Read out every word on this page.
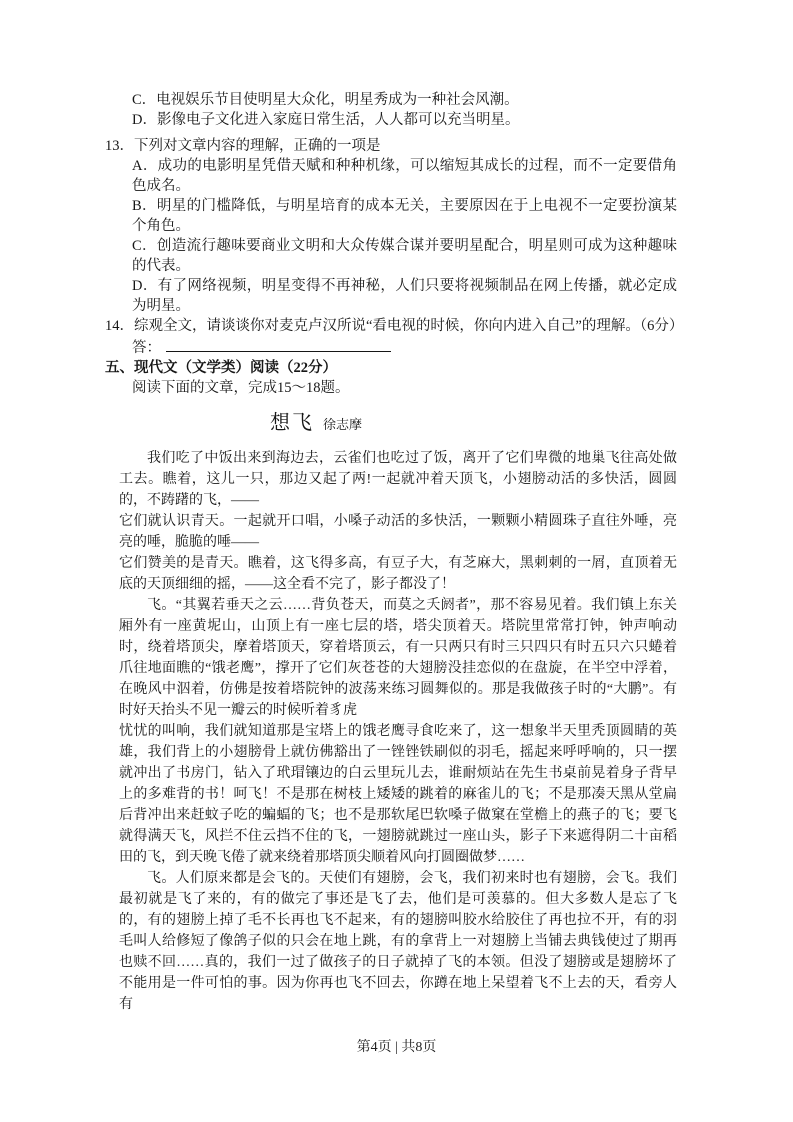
C．电视娱乐节目使明星大众化，明星秀成为一种社会风潮。
D．影像电子文化进入家庭日常生活，人人都可以充当明星。
13．下列对文章内容的理解，正确的一项是
A．成功的电影明星凭借天赋和种种机缘，可以缩短其成长的过程，而不一定要借角色成名。
B．明星的门槛降低，与明星培育的成本无关，主要原因在于上电视不一定要扮演某个角色。
C．创造流行趣味要商业文明和大众传媒合谋并要明星配合，明星则可成为这种趣味的代表。
D．有了网络视频，明星变得不再神秘，人们只要将视频制品在网上传播，就必定成为明星。
14．综观全文，请谈谈你对麦克卢汉所说“看电视的时候，你向内进入自己”的理解。（6分）
答：
五、现代文（文学类）阅读（22分）
阅读下面的文章，完成15～18题。
想飞 徐志摩

我们吃了中饭出来到海边去，云雀们也吃过了饭，离开了它们卑微的地巢飞往高处做工去。瞧着，这儿一只，那边又起了两!一起就冲着天顶飞，小翅膀动活的多快活，圆圆的，不踌躇的飞，——

它们就认识青天。一起就开口唱，小嗓子动活的多快活，一颗颗小精圆珠子直往外唾，亮亮的唾，脆脆的唾——

它们赞美的是青天。瞧着，这飞得多高，有豆子大，有芝麻大，黑刺刺的一屑，直顶着无底的天顶细细的摇，——这全看不完了，影子都没了！

飞。“其翼若垂天之云……背负苍天，而莫之夭阏者”，那不容易见着。我们镇上东关厢外有一座黄坭山，山顶上有一座七层的塔，塔尖顶着天。塔院里常常打钟，钟声响动时，绕着塔顶尖，摩着塔顶天，穿着塔顶云，有一只两只有时三只四只有时五只六只蜷着爪往地面瞧的“饿老鹰”，撑开了它们灰苍苍的大翅膀没挂恋似的在盘旋，在半空中浮着，在晚风中泅着，仿佛是按着塔院钟的波荡来练习圆舞似的。那是我做孩子时的“大鹏”。有时好天抬头不见一瓣云的时候听着豸虎

忧忧的叫响，我们就知道那是宝塔上的饿老鹰寻食吃来了，这一想象半天里秃顶圆睛的英雄，我们背上的小翅膀骨上就仿佛豁出了一锉锉铁刷似的羽毛，摇起来呼呼响的，只一摆就冲出了书房门，钻入了玳瑁镶边的白云里玩儿去，谁耐烦站在先生书桌前晃着身子背早上的多难背的书！呵飞！不是那在树枝上矮矮的跳着的麻雀儿的飞；不是那凑天黑从堂扁后背冲出来赶蚊子吃的蝙蝠的飞；也不是那软尾巴软嗓子做窠在堂檐上的燕子的飞；要飞就得满天飞，风拦不住云挡不住的飞，一翅膀就跳过一座山头，影子下来遮得阴二十亩稻田的飞，到天晚飞倦了就来绕着那塔顶尖顺着风向打圆圈做梦……

飞。人们原来都是会飞的。天使们有翅膀，会飞，我们初来时也有翅膀，会飞。我们最初就是飞了来的，有的做完了事还是飞了去，他们是可羡慕的。但大多数人是忘了飞的，有的翅膀上掉了毛不长再也飞不起来，有的翅膀叫胶水给胶住了再也拉不开，有的羽毛叫人给修短了像鸽子似的只会在地上跳，有的拿背上一对翅膀上当铺去典钱使过了期再也赎不回……真的，我们一过了做孩子的日子就掉了飞的本领。但没了翅膀或是翅膀坏了不能用是一件可怕的事。因为你再也飞不回去，你蹲在地上呆望着飞不上去的天，看旁人有

第4页 | 共8页
